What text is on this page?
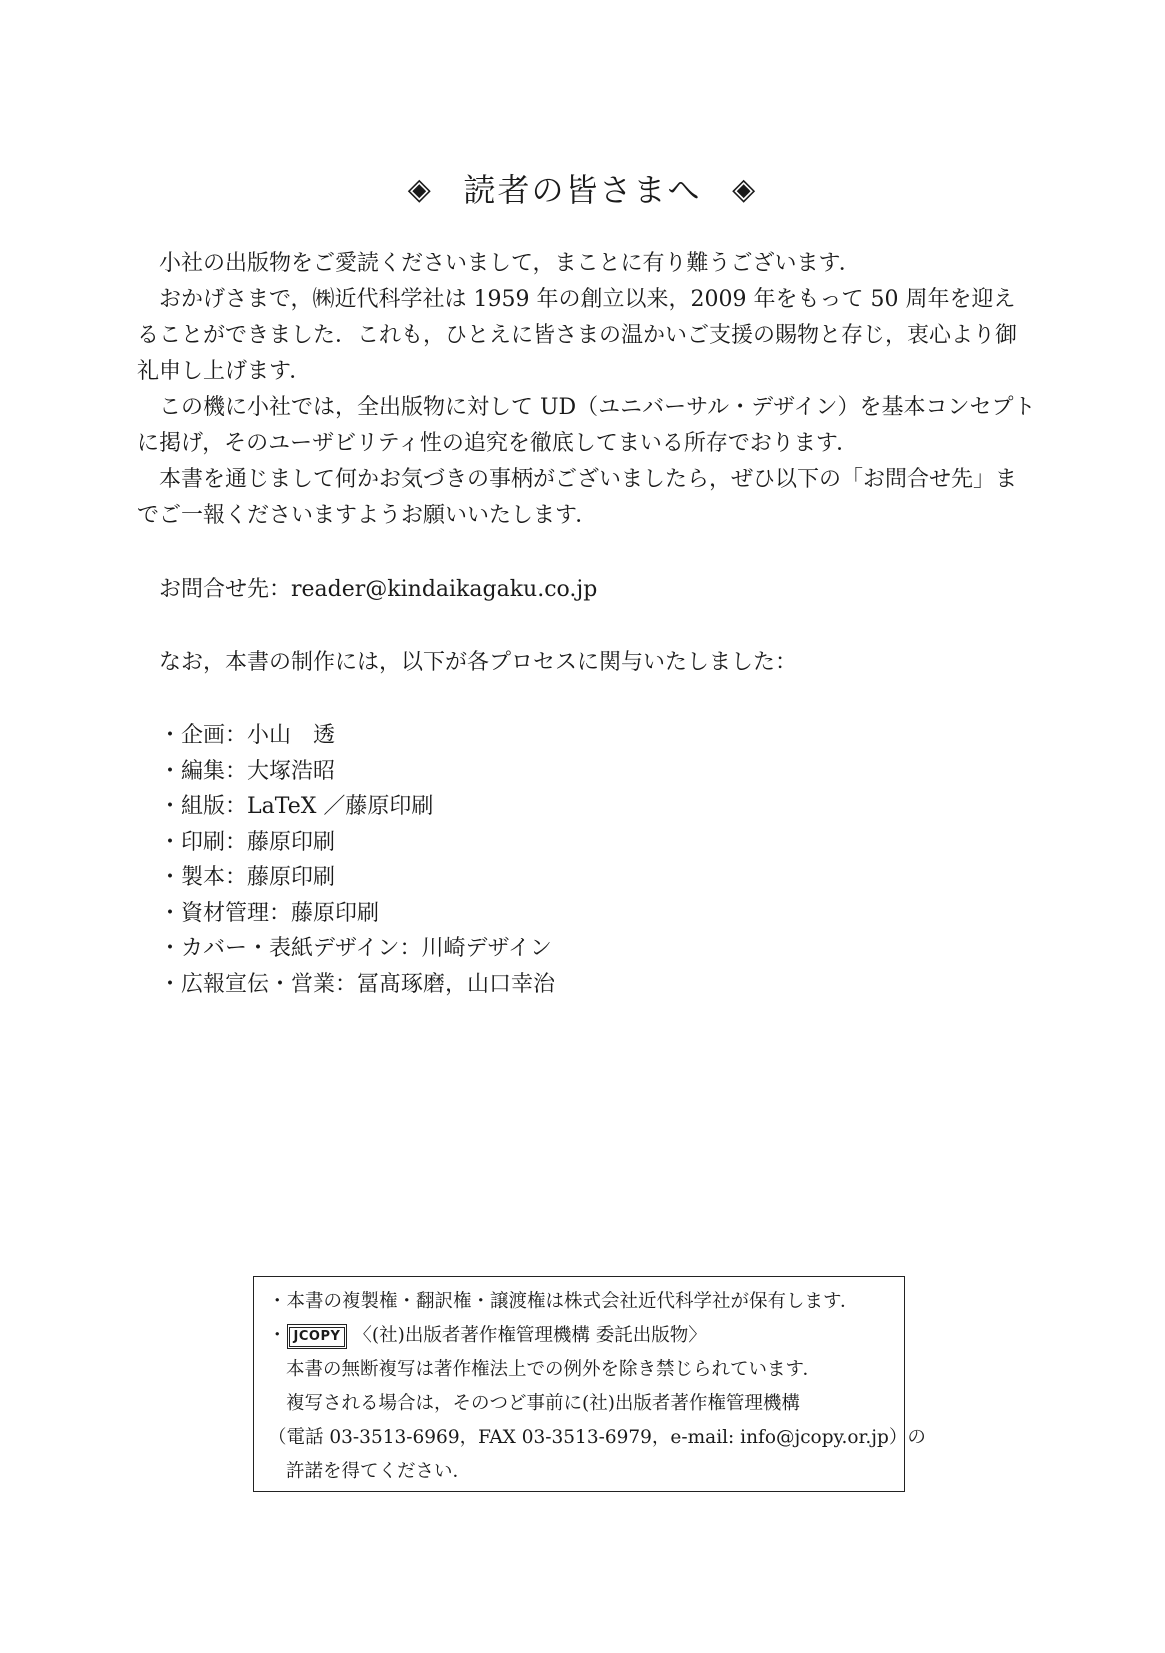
◈ 読者の皆さまへ ◈

小社の出版物をご愛読くださいまして，まことに有り難うございます．

おかげさまで，㈱近代科学社は 1959 年の創立以来，2009 年をもって 50 周年を迎えることができました．これも，ひとえに皆さまの温かいご支援の賜物と存じ，衷心より御礼申し上げます．

この機に小社では，全出版物に対して UD（ユニバーサル・デザイン）を基本コンセプトに掲げ，そのユーザビリティ性の追究を徹底してまいる所存でおります．

本書を通じまして何かお気づきの事柄がございましたら，ぜひ以下の「お問合せ先」までご一報くださいますようお願いいたします．

お問合せ先：reader@kindaikagaku.co.jp
なお，本書の制作には，以下が各プロセスに関与いたしました：
・企画：小山　透
・編集：大塚浩昭
・組版：LaTeX ／藤原印刷
・印刷：藤原印刷
・製本：藤原印刷
・資材管理：藤原印刷
・カバー・表紙デザイン：川崎デザイン
・広報宣伝・営業：冨髙琢磨，山口幸治
・本書の複製権・翻訳権・譲渡権は株式会社近代科学社が保有します．
・ JCOPY 〈(社)出版者著作権管理機構 委託出版物〉
本書の無断複写は著作権法上での例外を除き禁じられています．
複写される場合は，そのつど事前に(社)出版者著作権管理機構
（電話 03-3513-6969，FAX 03-3513-6979，e-mail: info@jcopy.or.jp）の
許諾を得てください．
